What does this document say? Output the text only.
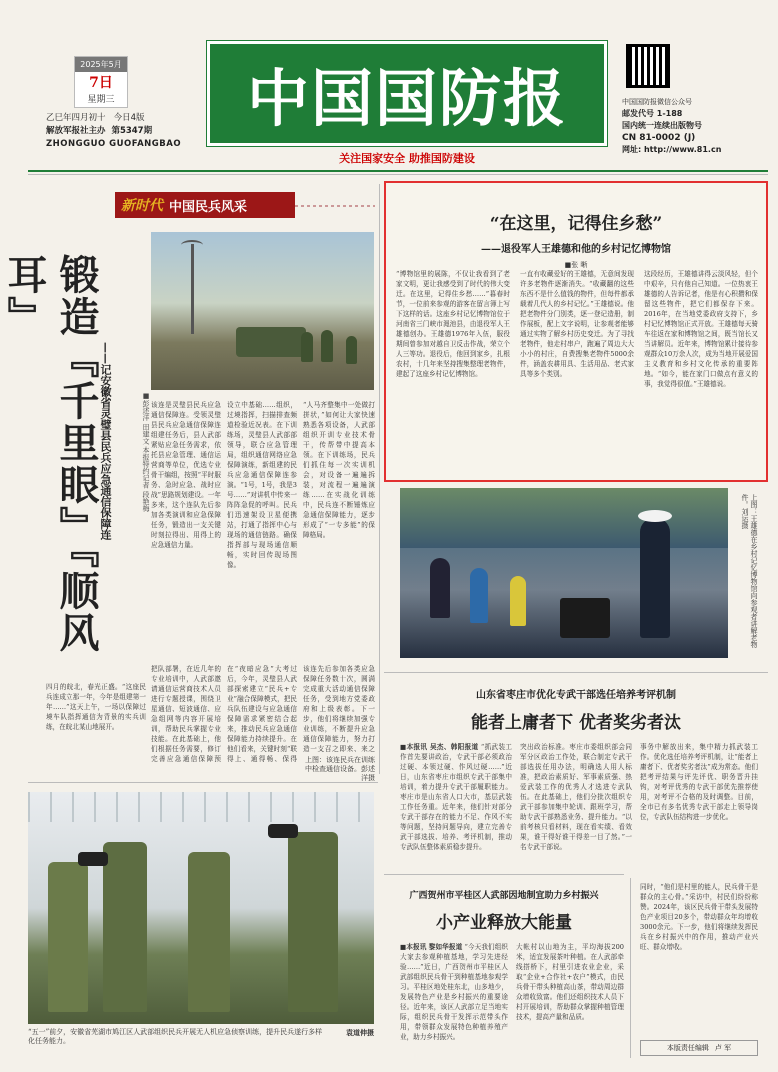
2025年5月
7日
星期三
乙巳年四月初十 今日4版
解放军报社主办 第5347期
ZHONGGUO GUOFANGBAO
中国国防报
关注国家安全 助推国防建设
中国国防报微信公众号
邮发代号 1-188
国内统一连续出版物号
CN 81-0002 (J)
网址: http://www.81.cn
新时代 中国民兵风采
锻造『千里眼』『顺风耳』
——记安徽省灵璧县民兵应急通信保障连	■彭述洋 田建文 本报特约记者 段艳梅
四月的皖北，春光正盛。“这座民兵连成立那一年，今年是组建第一年……”这天上午，一场以保障过境车队指挥通信为背景的实兵训练，在皖北某山地展开。
该连是灵璧县民兵应急通信保障连。受领灵璧县民兵应急通信保障连组建任务后，县人武部紧贴应急任务需求，依托县应急管理、通信运营商等单位，优选专业骨干编组，按照“平时服务、急时应急、战时应战”思路规划建设。一年多来，这个连队先后参加各类演训和应急保障任务，锻造出一支关键时刻拉得出、用得上的应急通信力量。
设立中基础……组织，过境指挥，扫描排查频道检验近况表。在下训练场，灵璧县人武部部领导，联合应急管理局，组织通信网络应急保障演练，新组建的民兵应急通信保障连参演。“1号，1号，我是3号……”对讲机中传来一阵阵急促的呼叫。民兵们迅速架设卫星便携站，打通了指挥中心与现场的通信链路。确保指挥部与现场通信顺畅，实时回传现场图像。
“人马齐整集中一处做打拼状，”如何让大家快速熟悉各项设备，人武部组织开训专业技术骨干，传帮带中提高本领。在下训练场，民兵们抓住每一次实训机会，对设备一遍遍拆装，对流程一遍遍演练……在实战化训练中，民兵连不断锤炼应急通信保障能力，逐步形成了“一专多能”的保障格局。
把队部署，在近几年的专业培训中，人武部邀请通信运营商技术人员进行专题授课，围绕卫星通信、短波通信、应急组网等内容开展培训，帮助民兵掌握专业技能。在此基础上，他们根据任务需要，修订完善应急通信保障预
在“夜暗应急”大考过后，今年，灵璧县人武部探索建立“民兵+专业”融合保障模式，把民兵队伍建设与应急通信保障需求紧密结合起来，推动民兵应急通信保障能力持续提升。在他们看来，关键时刻“联得上、通得畅、保得
该连先后参加各类应急保障任务数十次，圆满完成重大活动通信保障任务，受到地方党委政府和上级表彰。下一步，他们将继续加强专业训练，不断提升应急通信保障能力，努力打造一支召之即来、来之
上图：该连民兵在训练中检查通信设备。彭述洋摄
“在这里，记得住乡愁”
——退役军人王雄德和他的乡村记忆博物馆
■张 晰
“博物馆里的展陈，不仅让我看到了老家文明，更让我感受到了时代的伟大变迁。在这里，记得住乡愁……”暮春时节，一位前来参观的游客在留言簿上写下这样的话。这座乡村记忆博物馆位于河南省三门峡市渑池县，由退役军人王雄德创办。王雄德1976年入伍，服役期间曾参加对越自卫反击作战，荣立个人三等功。退役后，他回到家乡，扎根农村，十几年来坚持搜集整理老物件，建起了这座乡村记忆博物馆。
一直有收藏爱好的王雄德，无意间发现许多老物件逐渐消失。“收藏翻的这些东西不是什么值钱的物件，但每件都承载着几代人的乡村记忆。”王雄德说。他把老物件分门别类，逐一登记造册，制作展板，配上文字说明，让参观者能够通过实物了解乡村历史变迁。为了寻找老物件，他走村串户，跑遍了周边大大小小的村庄，自费搜集老物件5000余件，涵盖农耕用具、生活用品、老式家具等多个类别。
这段经历，王雄德讲得云淡风轻，但个中艰辛，只有他自己知道。一位热衷王雄德的人告诉记者，他是有心积攒和保留这些物件，把它们都保存下来。2016年，在当地党委政府支持下，乡村记忆博物馆正式开放。王雄德每天骑车往返在家和博物馆之间，既当馆长又当讲解员。近年来，博物馆累计接待参观群众10万余人次，成为当地开展爱国主义教育和乡村文化传承的重要阵地。“如今，能在家门口做点有意义的事，我觉得很值。”王雄德说。
上图：王雄德在乡村记忆博物馆向参观者讲解老物件。刘运摄
山东省枣庄市优化专武干部选任培养考评机制
能者上庸者下 优者奖劣者汰
■本报讯 吴杰、韩阳报道 “抓武装工作首先要讲政治，专武干部必须政治过硬、本领过硬、作风过硬……”近日，山东省枣庄市组织专武干部集中培训，着力提升专武干部履职能力。枣庄市是山东省人口大市，基层武装工作任务重。近年来，他们针对部分专武干部存在的能力不足、作风不实等问题，坚持问题导向，建立完善专武干部选拔、培养、考评机制，推动专武队伍整体素质稳步提升。
突出政治标准。枣庄市委组织部会同军分区政治工作处，联合制定专武干部选拔任用办法，明确选人用人标准，把政治素质好、军事素质强、热爱武装工作的优秀人才选进专武队伍。在此基础上，他们分批次组织专武干部参加集中轮训、跟班学习，帮助专武干部熟悉业务、提升能力。“以前考核只看材料，现在看实绩、看效果，谁干得好谁干得差一目了然。”一名专武干部说。
事务中解放出来，集中精力抓武装工作。优化选任培养考评机制，让“能者上庸者下、优者奖劣者汰”成为常态。他们把考评结果与评先评优、职务晋升挂钩，对考评优秀的专武干部优先推荐使用，对考评不合格的及时调整。目前，全市已有多名优秀专武干部走上领导岗位，专武队伍结构进一步优化。
广西贺州市平桂区人武部因地制宜助力乡村振兴
小产业释放大能量
■本报讯 黎如华报道 “今天我们组织大家去参观种植基地，学习先进经验……”近日，广西贺州市平桂区人武部组织民兵骨干到种植基地参观学习。平桂区地处桂东北，山多地少，发展特色产业是乡村振兴的重要途径。近年来，该区人武部立足当地实际，组织民兵骨干发挥示范带头作用，带领群众发展特色种植养殖产业，助力乡村振兴。
大帐村以山地为主，平均海拔200米，适宜发展茶叶种植。在人武部牵线搭桥下，村里引进农业企业，采取“企业+合作社+农户”模式，由民兵骨干带头种植高山茶，带动周边群众增收致富。他们还组织技术人员下村开展培训，帮助群众掌握种植管理技术，提高产量和品质。
同时，“他们是村里的能人，民兵骨干是群众的主心骨。”采访中，村民们纷纷称赞。2024年，该区民兵骨干带头发展特色产业项目20多个，带动群众年均增收3000余元。下一步，他们将继续发挥民兵在乡村振兴中的作用，推动产业兴旺、群众增收。
本版责任编辑 卢 军
“五一”前夕，安徽省芜湖市鸠江区人武部组织民兵开展无人机应急侦察训练，提升民兵遂行多样化任务能力。
袁道伸摄
